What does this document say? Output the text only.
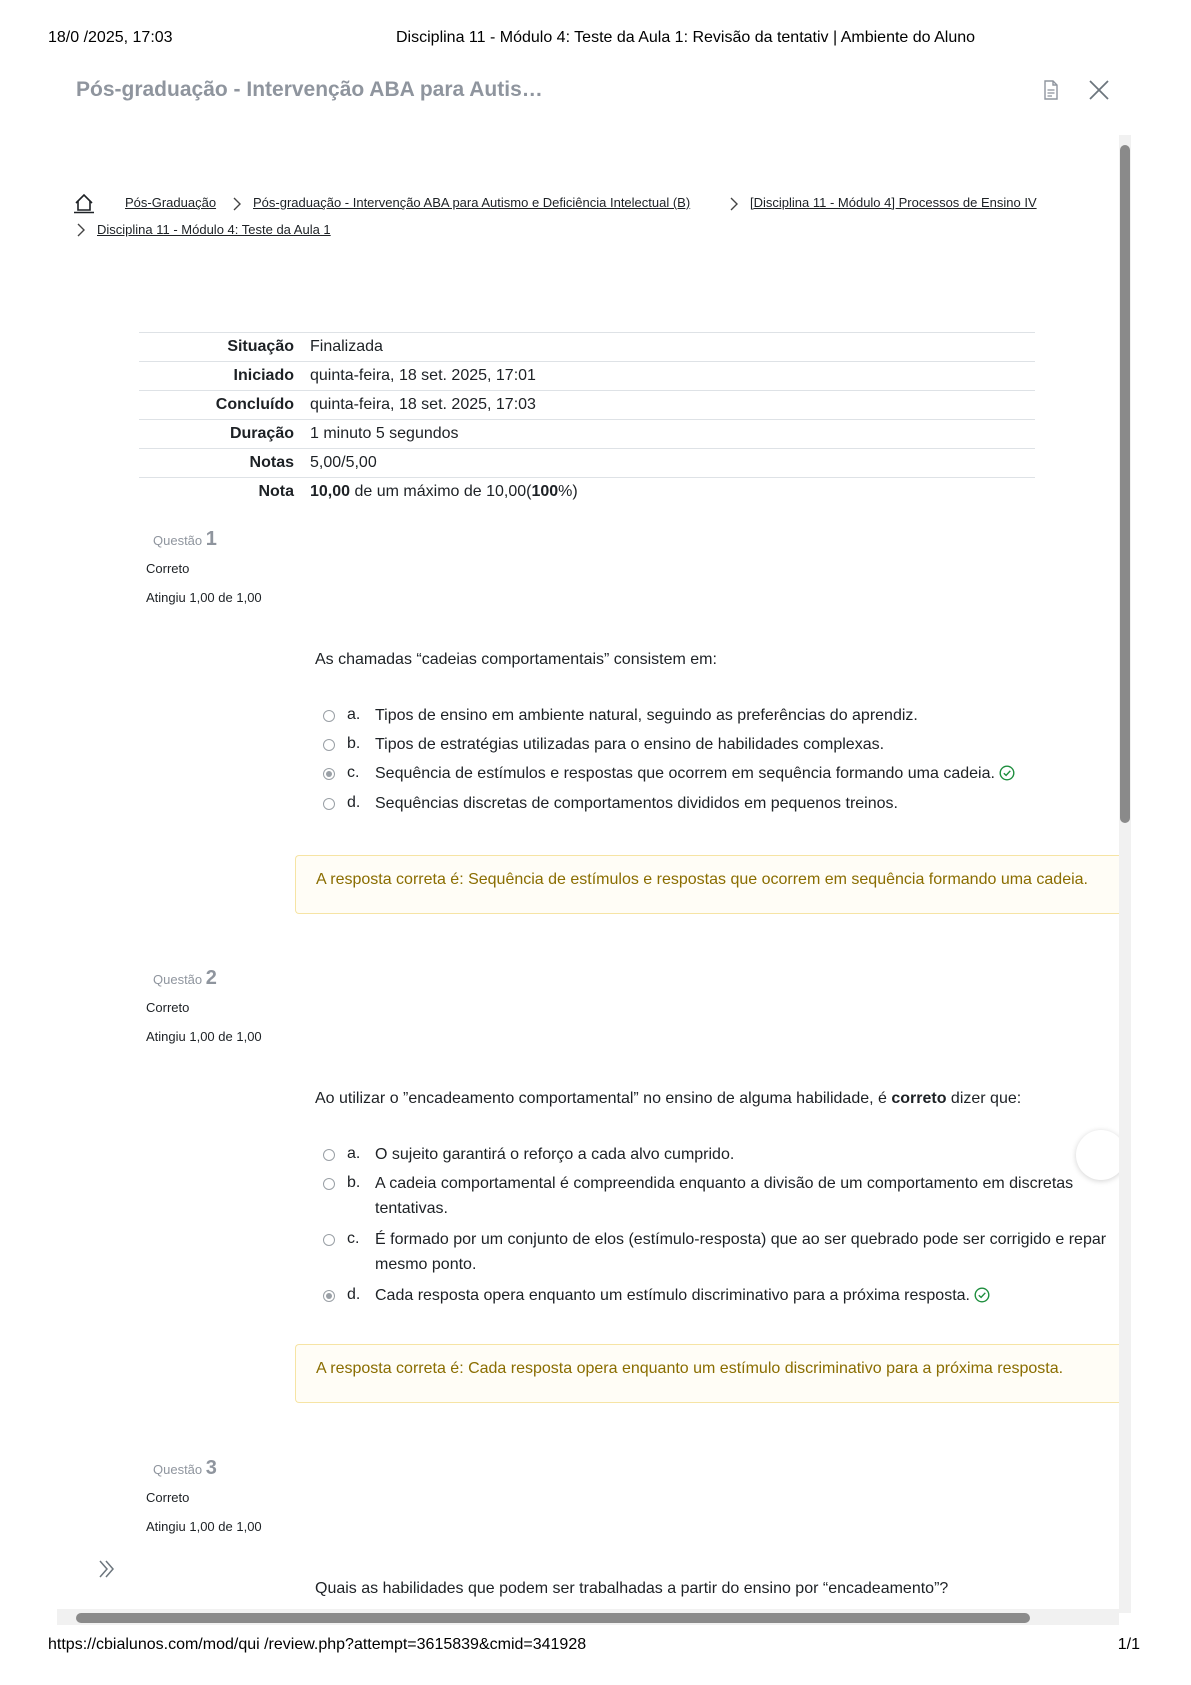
18/0 /2025, 17:03	Disciplina 11 - Módulo 4: Teste da Aula 1: Revisão da tentativ | Ambiente do Aluno
Pós-graduação - Intervenção ABA para Autis…
Pós-Graduação	Pós-graduação - Intervenção ABA para Autismo e Deficiência Intelectual (B)	[Disciplina 11 - Módulo 4] Processos de Ensino IV
Disciplina 11 - Módulo 4: Teste da Aula 1
Situação	Finalizada
Iniciado	quinta-feira, 18 set. 2025, 17:01
Concluído	quinta-feira, 18 set. 2025, 17:03
Duração	1 minuto 5 segundos
Notas	5,00/5,00
Nota	10,00 de um máximo de 10,00(100%)
Questão 1
Correto
Atingiu 1,00 de 1,00
As chamadas “cadeias comportamentais” consistem em:
a. Tipos de ensino em ambiente natural, seguindo as preferências do aprendiz.
b. Tipos de estratégias utilizadas para o ensino de habilidades complexas.
c. Sequência de estímulos e respostas que ocorrem em sequência formando uma cadeia.
d. Sequências discretas de comportamentos divididos em pequenos treinos.
A resposta correta é: Sequência de estímulos e respostas que ocorrem em sequência formando uma cadeia.
Questão 2
Correto
Atingiu 1,00 de 1,00
Ao utilizar o ”encadeamento comportamental” no ensino de alguma habilidade, é correto dizer que:
a. O sujeito garantirá o reforço a cada alvo cumprido.
b. A cadeia comportamental é compreendida enquanto a divisão de um comportamento em discretas tentativas.
c. É formado por um conjunto de elos (estímulo-resposta) que ao ser quebrado pode ser corrigido e repar mesmo ponto.
d. Cada resposta opera enquanto um estímulo discriminativo para a próxima resposta.
A resposta correta é: Cada resposta opera enquanto um estímulo discriminativo para a próxima resposta.
Questão 3
Correto
Atingiu 1,00 de 1,00
Quais as habilidades que podem ser trabalhadas a partir do ensino por “encadeamento”?
https://cbialunos.com/mod/qui /review.php?attempt=3615839&cmid=341928	1/1
